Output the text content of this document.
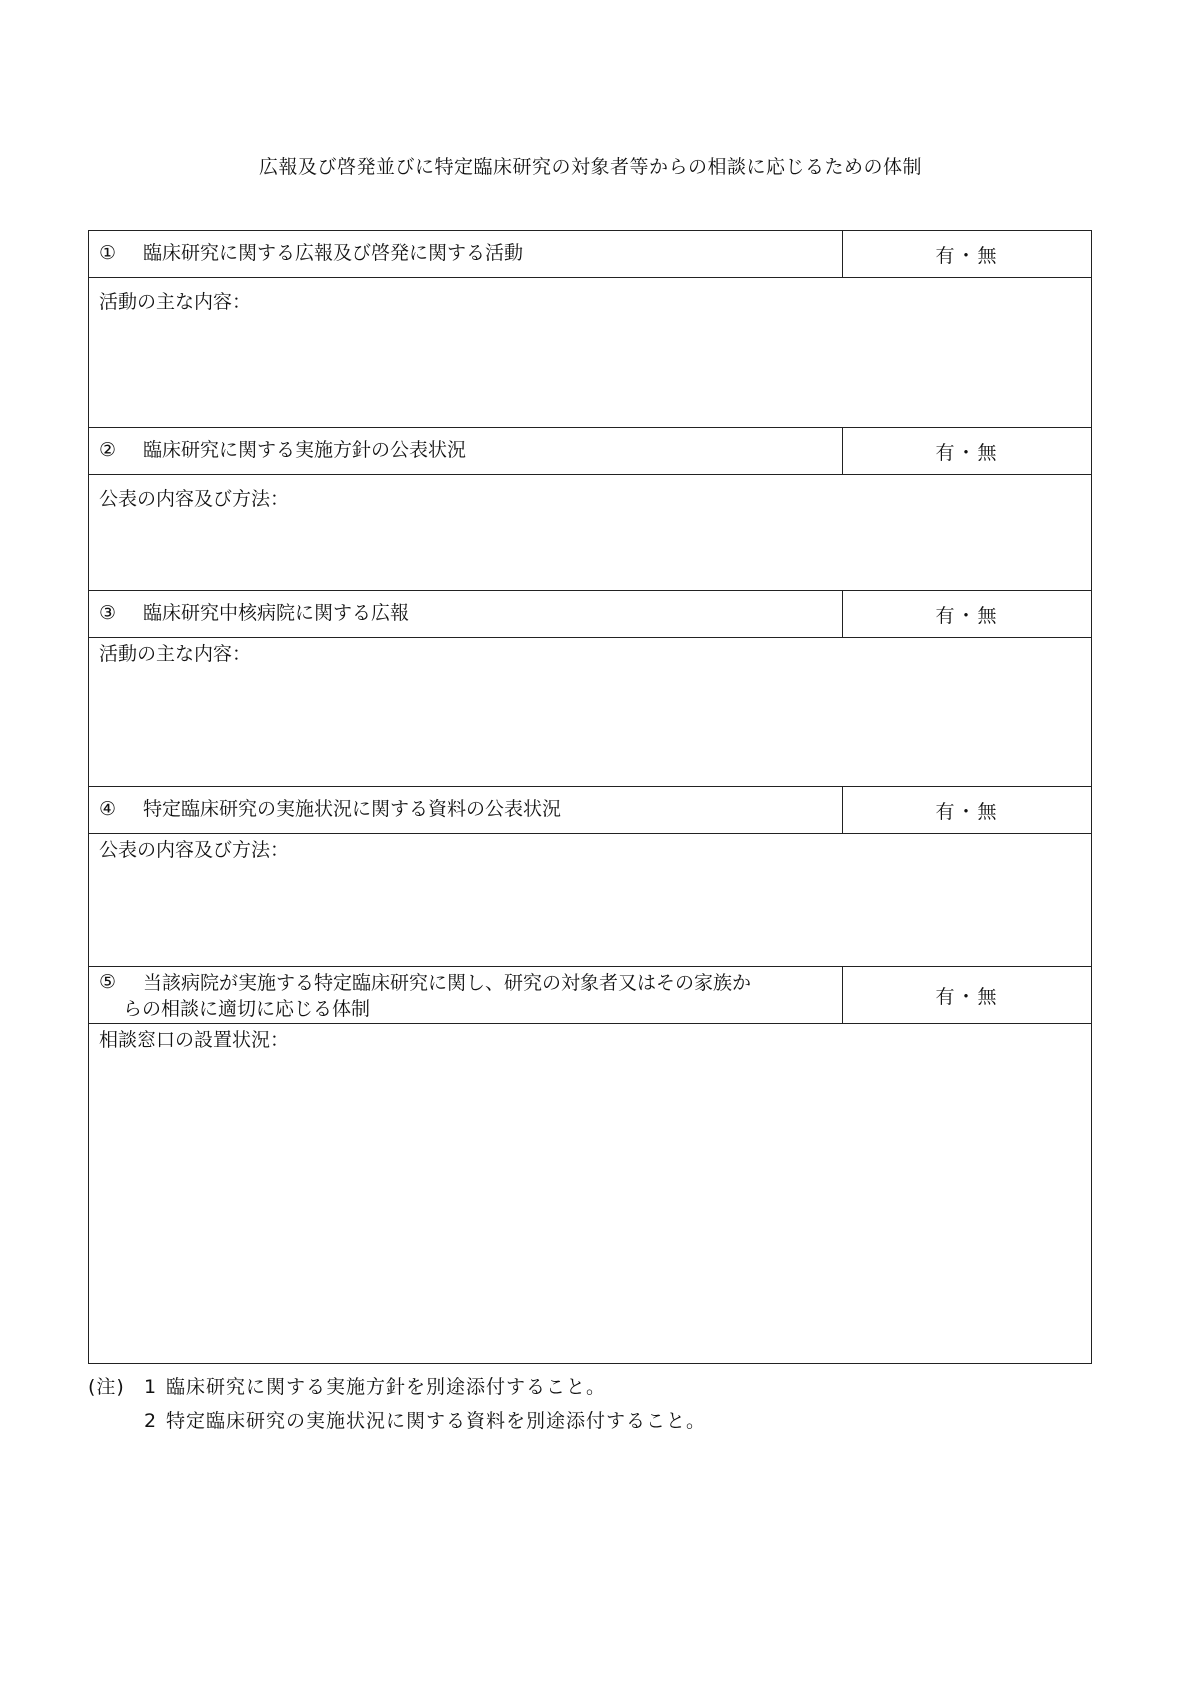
広報及び啓発並びに特定臨床研究の対象者等からの相談に応じるための体制
① 臨床研究に関する広報及び啓発に関する活動	有・無

活動の主な内容：	

② 臨床研究に関する実施方針の公表状況	有・無

公表の内容及び方法：	

③ 臨床研究中核病院に関する広報	有・無

活動の主な内容：	

④ 特定臨床研究の実施状況に関する資料の公表状況	有・無

公表の内容及び方法：	

⑤ 当該病院が実施する特定臨床研究に関し、研究の対象者又はその家族か
らの相談に適切に応じる体制	有・無

相談窓口の設置状況：	
(注)	1 臨床研究に関する実施方針を別途添付すること。
2 特定臨床研究の実施状況に関する資料を別途添付すること。
